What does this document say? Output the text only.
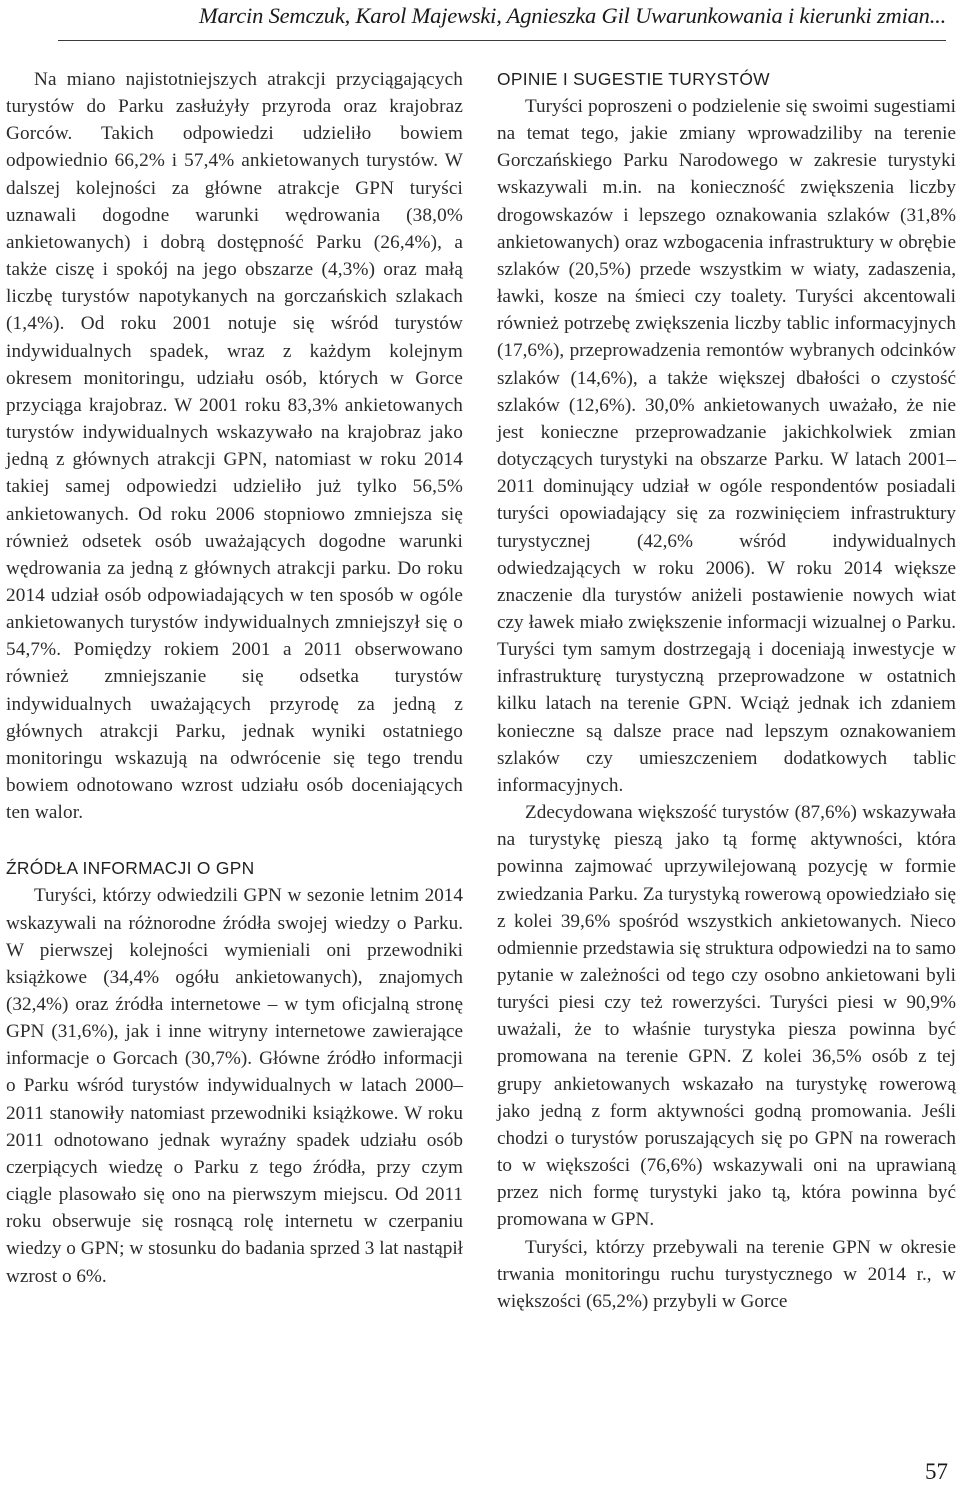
Marcin Semczuk, Karol Majewski, Agnieszka Gil Uwarunkowania i kierunki zmian...

Na miano najistotniejszych atrakcji przyciągających turystów do Parku zasłużyły przyroda oraz krajobraz Gorców. Takich odpowiedzi udzieliło bowiem odpowiednio 66,2% i 57,4% ankietowanych turystów. W dalszej kolejności za główne atrakcje GPN turyści uznawali dogodne warunki wędrowania (38,0% ankietowanych) i dobrą dostępność Parku (26,4%), a także ciszę i spokój na jego obszarze (4,3%) oraz małą liczbę turystów napotykanych na gorczańskich szlakach (1,4%). Od roku 2001 notuje się wśród turystów indywidualnych spadek, wraz z każdym kolejnym okresem monitoringu, udziału osób, których w Gorce przyciąga krajobraz. W 2001 roku 83,3% ankietowanych turystów indywidualnych wskazywało na krajobraz jako jedną z głównych atrakcji GPN, natomiast w roku 2014 takiej samej odpowiedzi udzieliło już tylko 56,5% ankietowanych. Od roku 2006 stopniowo zmniejsza się również odsetek osób uważających dogodne warunki wędrowania za jedną z głównych atrakcji parku. Do roku 2014 udział osób odpowiadających w ten sposób w ogóle ankietowanych turystów indywidualnych zmniejszył się o 54,7%. Pomiędzy rokiem 2001 a 2011 obserwowano również zmniejszanie się odsetka turystów indywidualnych uważających przyrodę za jedną z głównych atrakcji Parku, jednak wyniki ostatniego monitoringu wskazują na odwrócenie się tego trendu bowiem odnotowano wzrost udziału osób doceniających ten walor.

ŹRÓDŁA INFORMACJI O GPN

Turyści, którzy odwiedzili GPN w sezonie letnim 2014 wskazywali na różnorodne źródła swojej wiedzy o Parku. W pierwszej kolejności wymieniali oni przewodniki książkowe (34,4% ogółu ankietowanych), znajomych (32,4%) oraz źródła internetowe – w tym oficjalną stronę GPN (31,6%), jak i inne witryny internetowe zawierające informacje o Gorcach (30,7%). Główne źródło informacji o Parku wśród turystów indywidualnych w latach 2000–2011 stanowiły natomiast przewodniki książkowe. W roku 2011 odnotowano jednak wyraźny spadek udziału osób czerpiących wiedzę o Parku z tego źródła, przy czym ciągle plasowało się ono na pierwszym miejscu. Od 2011 roku obserwuje się rosnącą rolę internetu w czerpaniu wiedzy o GPN; w stosunku do badania sprzed 3 lat nastąpił wzrost o 6%.

OPINIE I SUGESTIE TURYSTÓW

Turyści poproszeni o podzielenie się swoimi sugestiami na temat tego, jakie zmiany wprowadziliby na terenie Gorczańskiego Parku Narodowego w zakresie turystyki wskazywali m.in. na konieczność zwiększenia liczby drogowskazów i lepszego oznakowania szlaków (31,8% ankietowanych) oraz wzbogacenia infrastruktury w obrębie szlaków (20,5%) przede wszystkim w wiaty, zadaszenia, ławki, kosze na śmieci czy toalety. Turyści akcentowali również potrzebę zwiększenia liczby tablic informacyjnych (17,6%), przeprowadzenia remontów wybranych odcinków szlaków (14,6%), a także większej dbałości o czystość szlaków (12,6%). 30,0% ankietowanych uważało, że nie jest konieczne przeprowadzanie jakichkolwiek zmian dotyczących turystyki na obszarze Parku. W latach 2001–2011 dominujący udział w ogóle respondentów posiadali turyści opowiadający się za rozwinięciem infrastruktury turystycznej (42,6% wśród indywidualnych odwiedzających w roku 2006). W roku 2014 większe znaczenie dla turystów aniżeli postawienie nowych wiat czy ławek miało zwiększenie informacji wizualnej o Parku. Turyści tym samym dostrzegają i doceniają inwestycje w infrastrukturę turystyczną przeprowadzone w ostatnich kilku latach na terenie GPN. Wciąż jednak ich zdaniem konieczne są dalsze prace nad lepszym oznakowaniem szlaków czy umieszczeniem dodatkowych tablic informacyjnych.

Zdecydowana większość turystów (87,6%) wskazywała na turystykę pieszą jako tą formę aktywności, która powinna zajmować uprzywilejowaną pozycję w formie zwiedzania Parku. Za turystyką rowerową opowiedziało się z kolei 39,6% spośród wszystkich ankietowanych. Nieco odmiennie przedstawia się struktura odpowiedzi na to samo pytanie w zależności od tego czy osobno ankietowani byli turyści piesi czy też rowerzyści. Turyści piesi w 90,9% uważali, że to właśnie turystyka piesza powinna być promowana na terenie GPN. Z kolei 36,5% osób z tej grupy ankietowanych wskazało na turystykę rowerową jako jedną z form aktywności godną promowania. Jeśli chodzi o turystów poruszających się po GPN na rowerach to w większości (76,6%) wskazywali oni na uprawianą przez nich formę turystyki jako tą, która powinna być promowana w GPN.

Turyści, którzy przebywali na terenie GPN w okresie trwania monitoringu ruchu turystycznego w 2014 r., w większości (65,2%) przybyli w Gorce

57
